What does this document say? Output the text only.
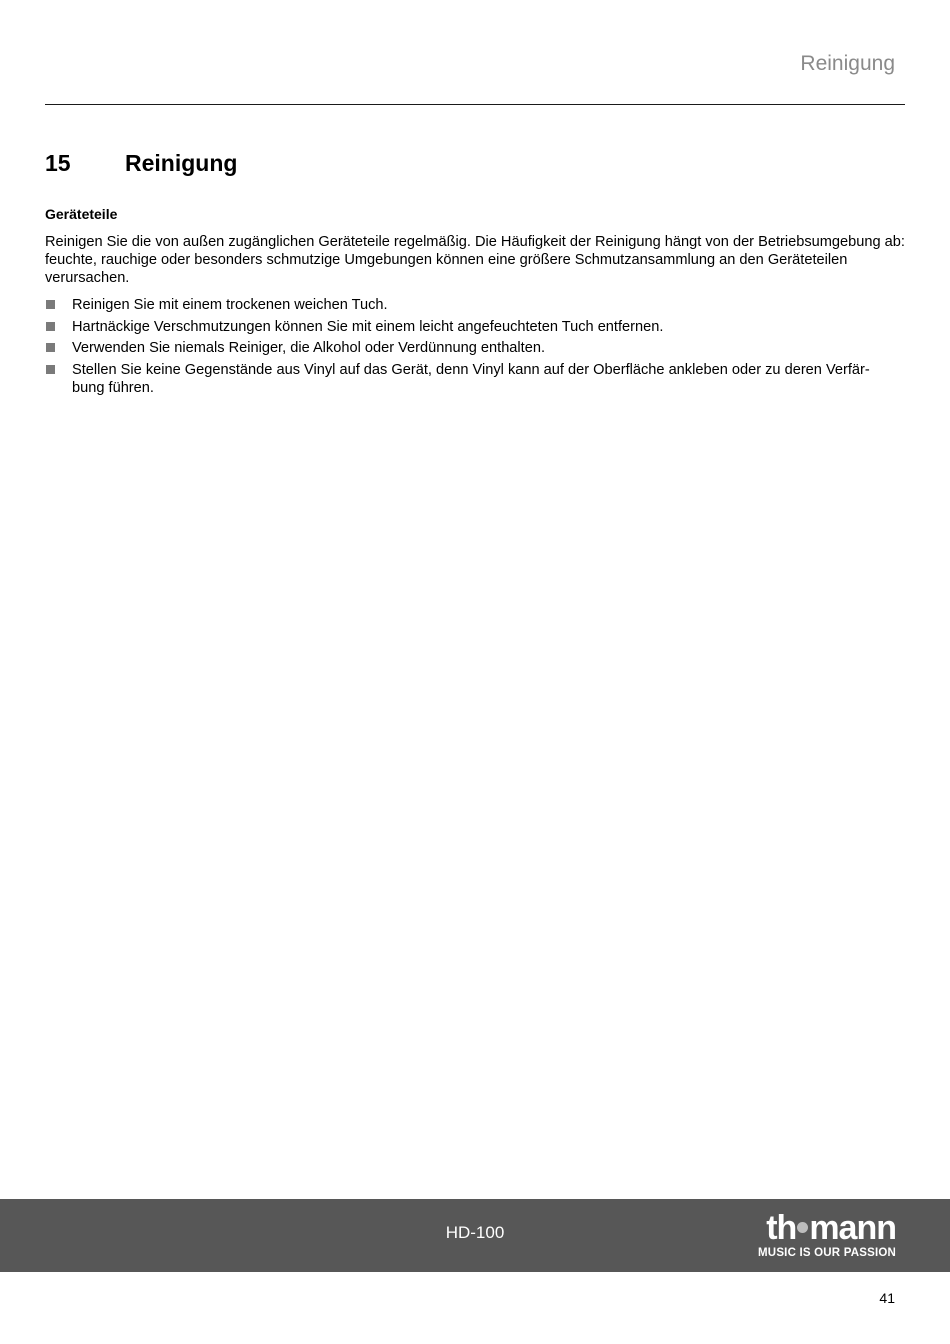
Reinigung
15 Reinigung
Geräteteile

Reinigen Sie die von außen zugänglichen Geräteteile regelmäßig. Die Häufigkeit der Reinigung hängt von der Betriebsumgebung ab: feuchte, rauchige oder besonders schmutzige Umgebungen können eine größere Schmutzansammlung an den Geräteteilen verursachen.

Reinigen Sie mit einem trockenen weichen Tuch.
Hartnäckige Verschmutzungen können Sie mit einem leicht angefeuchteten Tuch entfernen.
Verwenden Sie niemals Reiniger, die Alkohol oder Verdünnung enthalten.
Stellen Sie keine Gegenstände aus Vinyl auf das Gerät, denn Vinyl kann auf der Oberfläche ankleben oder zu deren Verfärbung führen.
HD-100	th mann
MUSIC IS OUR PASSION
41
